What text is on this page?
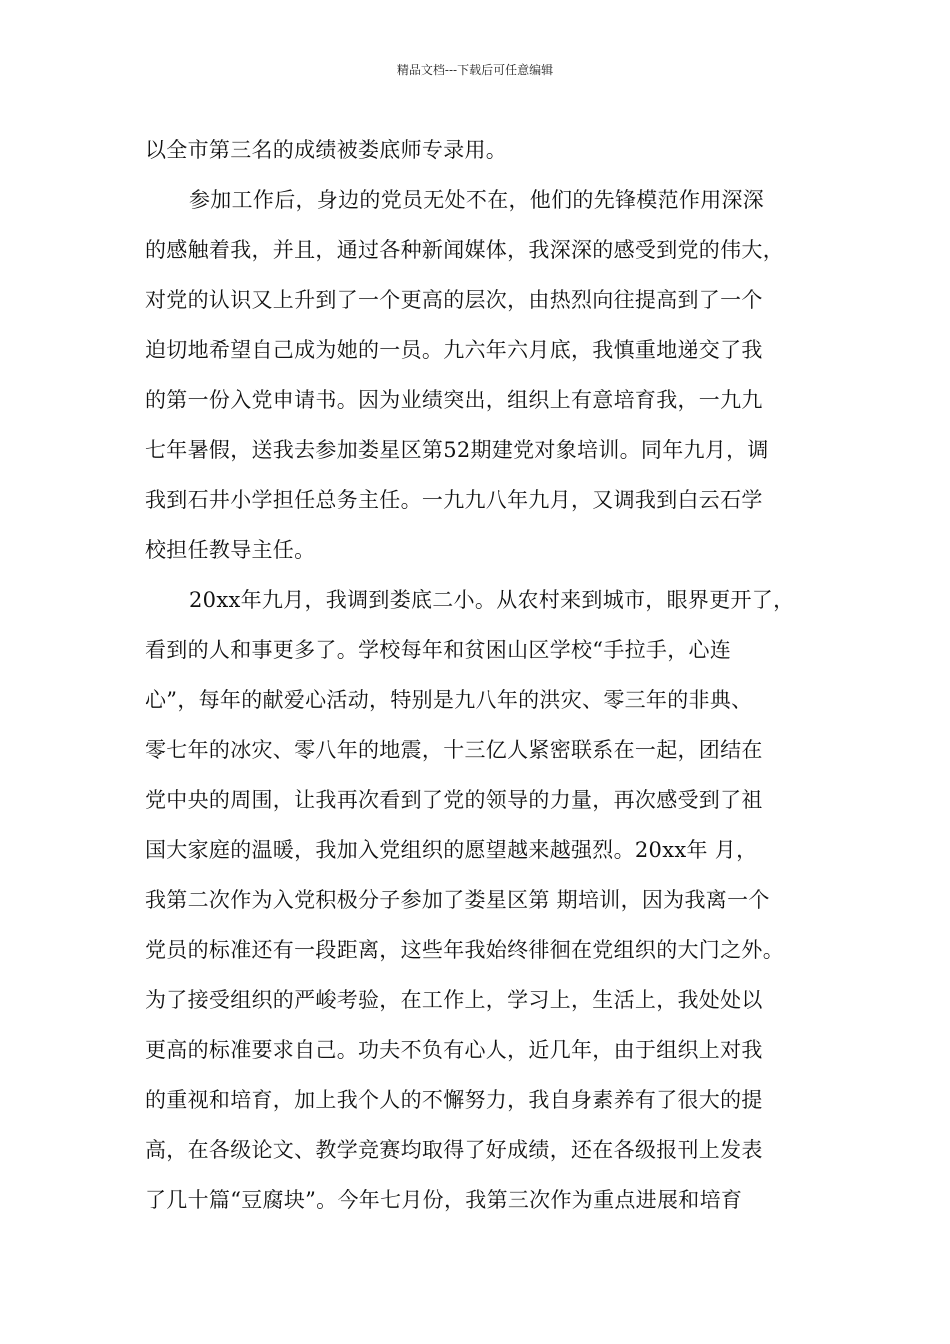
精品文档---下载后可任意编辑
以全市第三名的成绩被娄底师专录用。
参加工作后，身边的党员无处不在，他们的先锋模范作用深深
的感触着我，并且，通过各种新闻媒体，我深深的感受到党的伟大，
对党的认识又上升到了一个更高的层次，由热烈向往提高到了一个
迫切地希望自己成为她的一员。九六年六月底，我慎重地递交了我
的第一份入党申请书。因为业绩突出，组织上有意培育我，一九九
七年暑假，送我去参加娄星区第52期建党对象培训。同年九月，调
我到石井小学担任总务主任。一九九八年九月，又调我到白云石学
校担任教导主任。
20xx年九月，我调到娄底二小。从农村来到城市，眼界更开了，
看到的人和事更多了。学校每年和贫困山区学校“手拉手，心连
心”，每年的献爱心活动，特别是九八年的洪灾、零三年的非典、
零七年的冰灾、零八年的地震，十三亿人紧密联系在一起，团结在
党中央的周围，让我再次看到了党的领导的力量，再次感受到了祖
国大家庭的温暖，我加入党组织的愿望越来越强烈。20xx年 月，
我第二次作为入党积极分子参加了娄星区第 期培训，因为我离一个
党员的标准还有一段距离，这些年我始终徘徊在党组织的大门之外。
为了接受组织的严峻考验，在工作上，学习上，生活上，我处处以
更高的标准要求自己。功夫不负有心人，近几年，由于组织上对我
的重视和培育，加上我个人的不懈努力，我自身素养有了很大的提
高，在各级论文、教学竞赛均取得了好成绩，还在各级报刊上发表
了几十篇“豆腐块”。今年七月份，我第三次作为重点进展和培育
